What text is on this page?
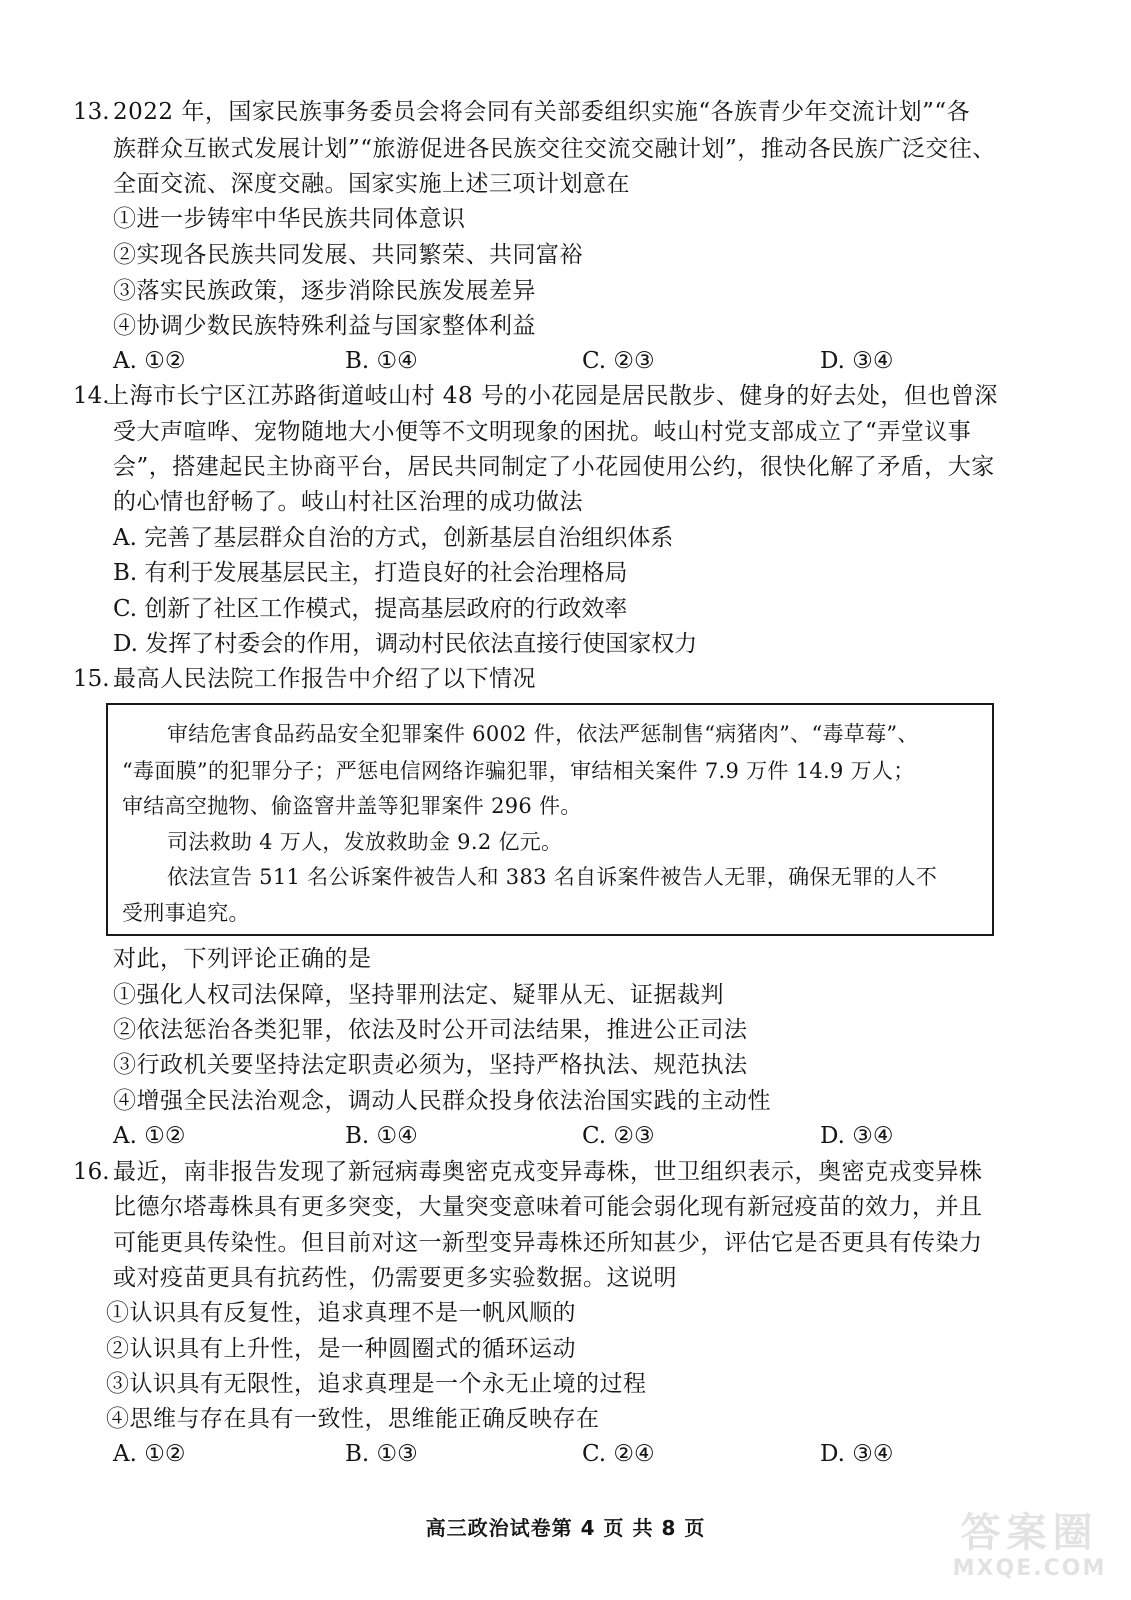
13. 2022 年，国家民族事务委员会将会同有关部委组织实施“各族青少年交流计划”“各
族群众互嵌式发展计划”“旅游促进各民族交往交流交融计划”，推动各民族广泛交往、
全面交流、深度交融。国家实施上述三项计划意在
①进一步铸牢中华民族共同体意识
②实现各民族共同发展、共同繁荣、共同富裕
③落实民族政策，逐步消除民族发展差异
④协调少数民族特殊利益与国家整体利益
A. ①②	B. ①④	C. ②③	D. ③④
14.
上海市长宁区江苏路街道岐山村 48 号的小花园是居民散步、健身的好去处，但也曾深
受大声喧哗、宠物随地大小便等不文明现象的困扰。岐山村党支部成立了“弄堂议事
会”，搭建起民主协商平台，居民共同制定了小花园使用公约，很快化解了矛盾，大家
的心情也舒畅了。岐山村社区治理的成功做法
A. 完善了基层群众自治的方式，创新基层自治组织体系
B. 有利于发展基层民主，打造良好的社会治理格局
C. 创新了社区工作模式，提高基层政府的行政效率
D. 发挥了村委会的作用，调动村民依法直接行使国家权力
15. 最高人民法院工作报告中介绍了以下情况
审结危害食品药品安全犯罪案件 6002 件，依法严惩制售“病猪肉”、“毒草莓”、
“毒面膜”的犯罪分子；严惩电信网络诈骗犯罪，审结相关案件 7.9 万件 14.9 万人；
审结高空抛物、偷盗窨井盖等犯罪案件 296 件。
司法救助 4 万人，发放救助金 9.2 亿元。
依法宣告 511 名公诉案件被告人和 383 名自诉案件被告人无罪，确保无罪的人不
受刑事追究。
对此，下列评论正确的是
①强化人权司法保障，坚持罪刑法定、疑罪从无、证据裁判
②依法惩治各类犯罪，依法及时公开司法结果，推进公正司法
③行政机关要坚持法定职责必须为，坚持严格执法、规范执法
④增强全民法治观念，调动人民群众投身依法治国实践的主动性
A. ①②	B. ①④	C. ②③	D. ③④
16. 最近，南非报告发现了新冠病毒奥密克戎变异毒株，世卫组织表示，奥密克戎变异株
比德尔塔毒株具有更多突变，大量突变意味着可能会弱化现有新冠疫苗的效力，并且
可能更具传染性。但目前对这一新型变异毒株还所知甚少，评估它是否更具有传染力
或对疫苗更具有抗药性，仍需要更多实验数据。这说明
①认识具有反复性，追求真理不是一帆风顺的
②认识具有上升性，是一种圆圈式的循环运动
③认识具有无限性，追求真理是一个永无止境的过程
④思维与存在具有一致性，思维能正确反映存在
A. ①②	B. ①③	C. ②④	D. ③④
高三政治试卷第 4 页 共 8 页	答案圈
MXQE.COM
